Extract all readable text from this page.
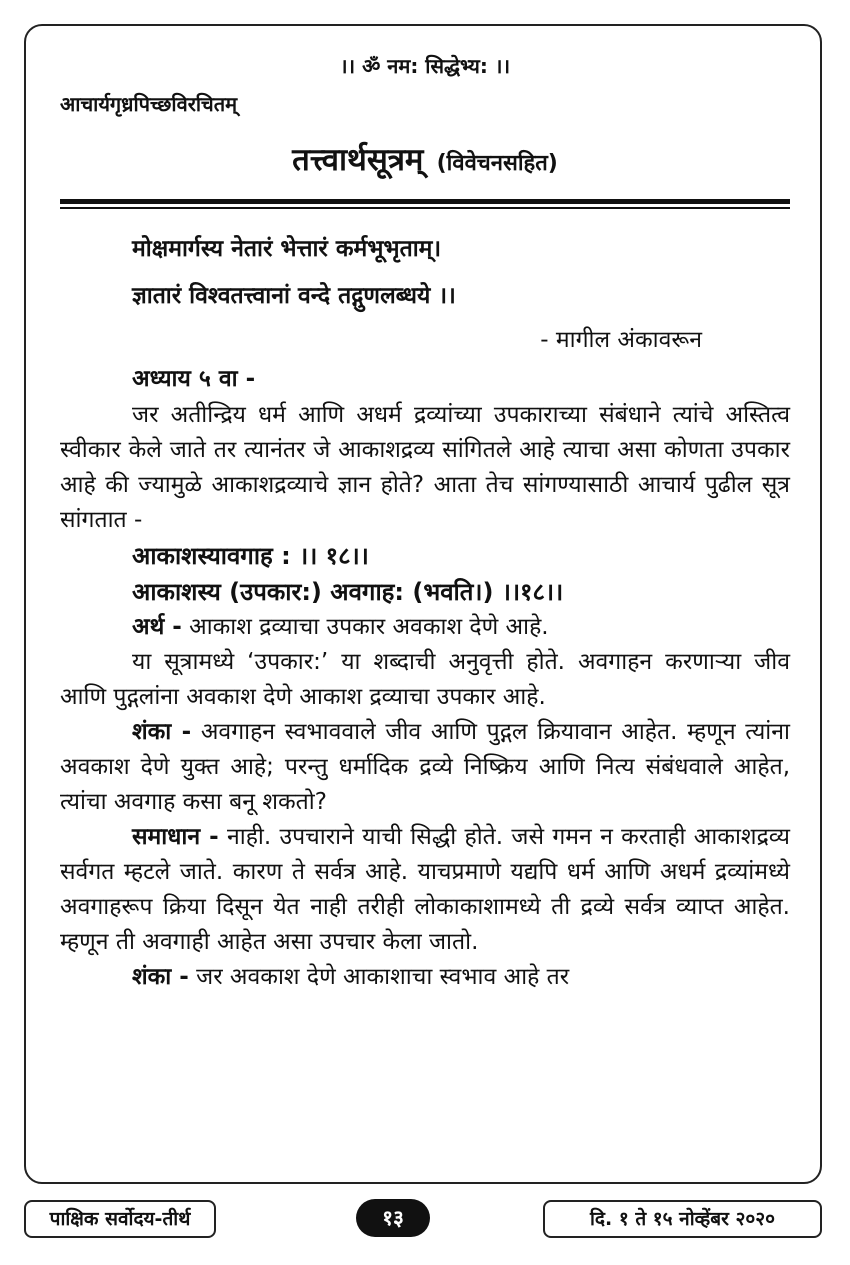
।। ॐ नम: सिद्धेभ्य: ।।
आचार्यगृध्रपिच्छविरचितम्
तत्त्वार्थसूत्रम् (विवेचनसहित)
मोक्षमार्गस्य नेतारं भेत्तारं कर्मभूभृताम्।
ज्ञातारं विश्वतत्त्वानां वन्दे तद्गुणलब्धये ।।
- मागील अंकावरून
अध्याय ५ वा -

जर अतीन्द्रिय धर्म आणि अधर्म द्रव्यांच्या उपकाराच्या संबंधाने त्यांचे अस्तित्व स्वीकार केले जाते तर त्यानंतर जे आकाशद्रव्य सांगितले आहे त्याचा असा कोणता उपकार आहे की ज्यामुळे आकाशद्रव्याचे ज्ञान होते? आता तेच सांगण्यासाठी आचार्य पुढील सूत्र सांगतात -

आकाशस्यावगाह : ।। १८।।
आकाशस्य (उपकार:) अवगाह: (भवति।) ।।१८।।

अर्थ - आकाश द्रव्याचा उपकार अवकाश देणे आहे.

या सूत्रामध्ये ‘उपकार:’ या शब्दाची अनुवृत्ती होते. अवगाहन करणाऱ्या जीव आणि पुद्गलांना अवकाश देणे आकाश द्रव्याचा उपकार आहे.

शंका - अवगाहन स्वभाववाले जीव आणि पुद्गल क्रियावान आहेत. म्हणून त्यांना अवकाश देणे युक्त आहे; परन्तु धर्मादिक द्रव्ये निष्क्रिय आणि नित्य संबंधवाले आहेत, त्यांचा अवगाह कसा बनू शकतो?

समाधान - नाही. उपचाराने याची सिद्धी होते. जसे गमन न करताही आकाशद्रव्य सर्वगत म्हटले जाते. कारण ते सर्वत्र आहे. याचप्रमाणे यद्यपि धर्म आणि अधर्म द्रव्यांमध्ये अवगाहरूप क्रिया दिसून येत नाही तरीही लोकाकाशामध्ये ती द्रव्ये सर्वत्र व्याप्त आहेत. म्हणून ती अवगाही आहेत असा उपचार केला जातो.

शंका - जर अवकाश देणे आकाशाचा स्वभाव आहे तर

पाक्षिक सर्वोदय-तीर्थ	१३	दि. १ ते १५ नोव्हेंबर २०२०
